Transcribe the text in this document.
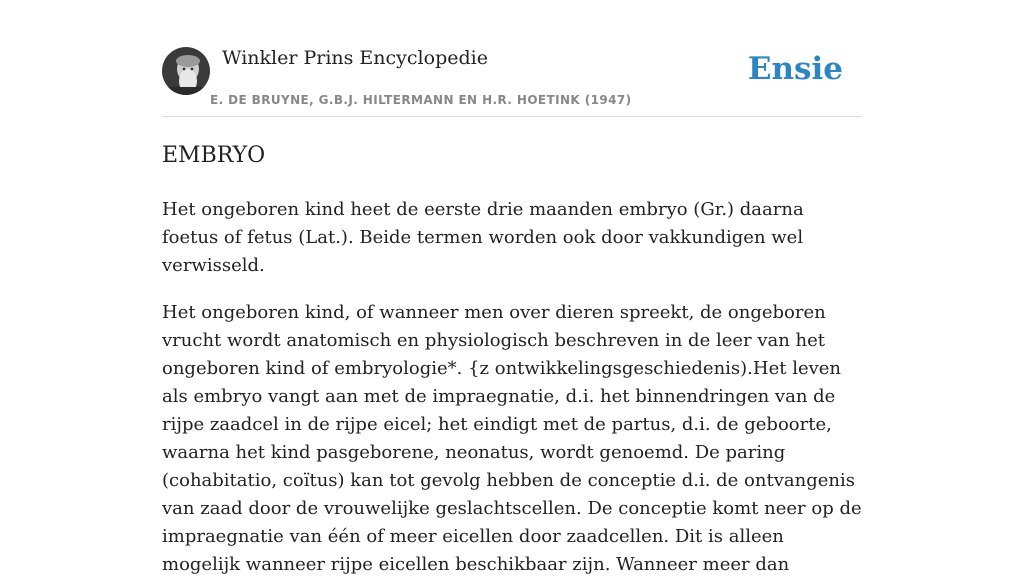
Winkler Prins Encyclopedie
E. DE BRUYNE, G.B.J. HILTERMANN EN H.R. HOETINK (1947)
Ensie
EMBRYO

Het ongeboren kind heet de eerste drie maanden embryo (Gr.) daarna foetus of fetus (Lat.). Beide termen worden ook door vakkundigen wel verwisseld.

Het ongeboren kind, of wanneer men over dieren spreekt, de ongeboren vrucht wordt anatomisch en physiologisch beschreven in de leer van het ongeboren kind of embryologie*. {z ontwikkelingsgeschiedenis).Het leven als embryo vangt aan met de impraegnatie, d.i. het binnendringen van de rijpe zaadcel in de rijpe eicel; het eindigt met de partus, d.i. de geboorte, waarna het kind pasgeborene, neonatus, wordt genoemd. De paring (cohabitatio, coïtus) kan tot gevolg hebben de conceptie d.i. de ontvangenis van zaad door de vrouwelijke geslachtscellen. De conceptie komt neer op de impraegnatie van één of meer eicellen door zaadcellen. Dit is alleen mogelijk wanneer rijpe eicellen beschikbaar zijn. Wanneer meer dan
